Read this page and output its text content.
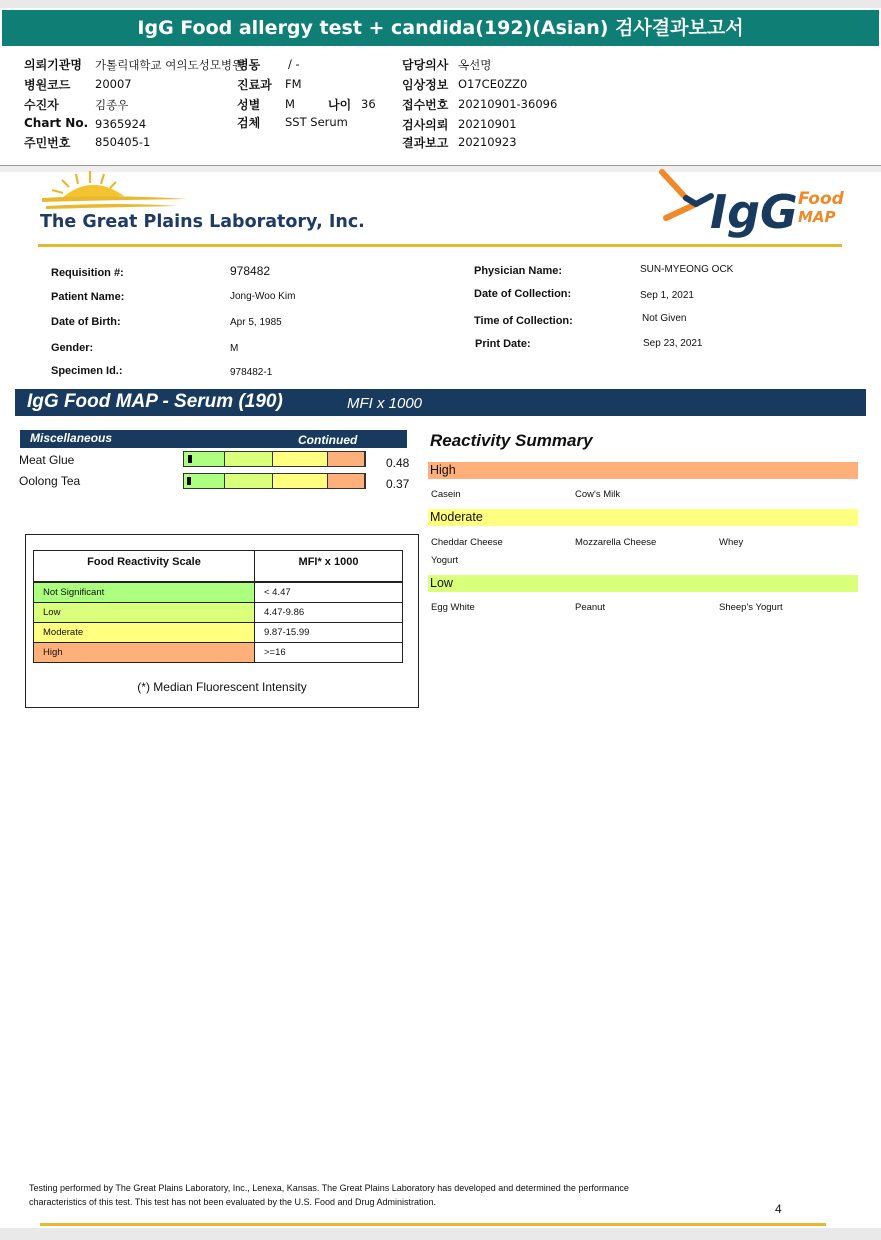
IgG Food allergy test + candida(192)(Asian) 검사결과보고서
의뢰기관명 가톨릭대학교 여의도성모병원
병동 / -	담당의사 옥선명
병원코드 20007	진료과 FM	임상정보 O17CE0ZZ0
수진자	김종우	성별 M	나이 36 접수번호 20210901-36096
Chart No. 9365924	검체 SST Serum	검사의뢰 20210901
주민번호 850405-1	결과보고 20210923
The Great Plains Laboratory, Inc.	IgG Food
MAP
Requisition #:	978482
Patient Name:	Jong-Woo Kim
Date of Birth:	Apr 5, 1985
Gender:	M
Specimen Id.:	978482-1
Physician Name:	SUN-MYEONG OCK
Date of Collection:	Sep 1, 2021
Time of Collection:	Not Given
Print Date:	Sep 23, 2021
IgG Food MAP - Serum (190)	MFI x 1000
Miscellaneous	Continued
Meat Glue	0.48
Oolong Tea	0.37
Food Reactivity Scale	MFI* x 1000
Not Significant	< 4.47
Low	4.47-9.86
Moderate	9.87-15.99
High	>=16
(*) Median Fluorescent Intensity
Reactivity Summary
High
Casein	Cow's Milk
Moderate
Cheddar Cheese	Mozzarella Cheese	Whey
Yogurt
Low
Egg White	Peanut	Sheep's Yogurt
Testing performed by The Great Plains Laboratory, Inc., Lenexa, Kansas. The Great Plains Laboratory has developed and determined the performance
characteristics of this test. This test has not been evaluated by the U.S. Food and Drug Administration.	4
